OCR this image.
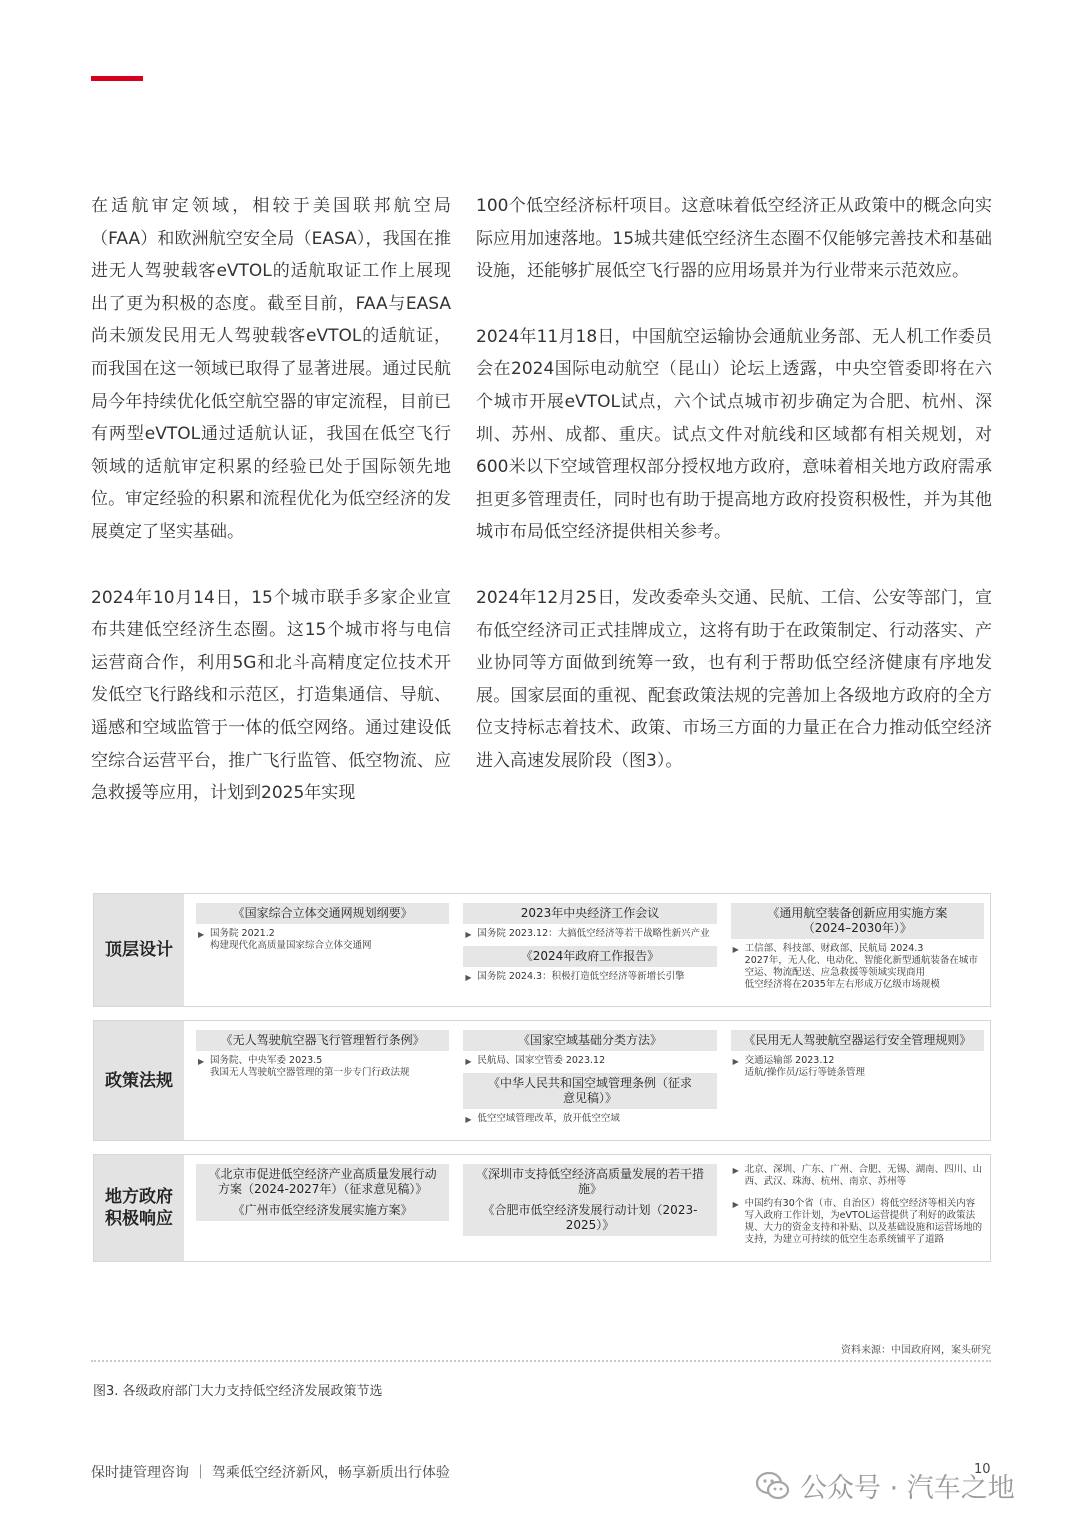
在适航审定领域，相较于美国联邦航空局（FAA）和欧洲航空安全局（EASA），我国在推进无人驾驶载客eVTOL的适航取证工作上展现出了更为积极的态度。截至目前，FAA与EASA尚未颁发民用无人驾驶载客eVTOL的适航证，而我国在这一领域已取得了显著进展。通过民航局今年持续优化低空航空器的审定流程，目前已有两型eVTOL通过适航认证，我国在低空飞行领域的适航审定积累的经验已处于国际领先地位。审定经验的积累和流程优化为低空经济的发展奠定了坚实基础。

2024年10月14日，15个城市联手多家企业宣布共建低空经济生态圈。这15个城市将与电信运营商合作，利用5G和北斗高精度定位技术开发低空飞行路线和示范区，打造集通信、导航、遥感和空域监管于一体的低空网络。通过建设低空综合运营平台，推广飞行监管、低空物流、应急救援等应用，计划到2025年实现

100个低空经济标杆项目。这意味着低空经济正从政策中的概念向实际应用加速落地。15城共建低空经济生态圈不仅能够完善技术和基础设施，还能够扩展低空飞行器的应用场景并为行业带来示范效应。

2024年11月18日，中国航空运输协会通航业务部、无人机工作委员会在2024国际电动航空（昆山）论坛上透露，中央空管委即将在六个城市开展eVTOL试点，六个试点城市初步确定为合肥、杭州、深圳、苏州、成都、重庆。试点文件对航线和区域都有相关规划，对600米以下空域管理权部分授权地方政府，意味着相关地方政府需承担更多管理责任，同时也有助于提高地方政府投资积极性，并为其他城市布局低空经济提供相关参考。

2024年12月25日，发改委牵头交通、民航、工信、公安等部门，宣布低空经济司正式挂牌成立，这将有助于在政策制定、行动落实、产业协同等方面做到统筹一致，也有利于帮助低空经济健康有序地发展。国家层面的重视、配套政策法规的完善加上各级地方政府的全方位支持标志着技术、政策、市场三方面的力量正在合力推动低空经济进入高速发展阶段（图3）。

顶层设计
《国家综合立体交通网规划纲要》
▶ 国务院 2021.2
构建现代化高质量国家综合立体交通网
2023年中央经济工作会议
▶ 国务院 2023.12：大搞低空经济等若干战略性新兴产业
《2024年政府工作报告》
▶ 国务院 2024.3：积极打造低空经济等新增长引擎
《通用航空装备创新应用实施方案
（2024–2030年）》
▶ 工信部、科技部、财政部、民航局 2024.3
2027年，无人化、电动化、智能化新型通航装备在城市空运、物流配送、应急救援等领域实现商用
低空经济将在2035年左右形成万亿级市场规模
政策法规
《无人驾驶航空器飞行管理暂行条例》
▶ 国务院、中央军委 2023.5
我国无人驾驶航空器管理的第一步专门行政法规
《国家空域基础分类方法》
▶ 民航局、国家空管委 2023.12
《中华人民共和国空域管理条例（征求
意见稿）》
▶ 低空空域管理改革，放开低空空域
《民用无人驾驶航空器运行安全管理规则》
▶ 交通运输部 2023.12
适航/操作员/运行等链条管理
地方政府
积极响应
《北京市促进低空经济产业高质量发展行动方案（2024-2027年）（征求意见稿）》
《广州市低空经济发展实施方案》
《深圳市支持低空经济高质量发展的若干措施》
《合肥市低空经济发展行动计划（2023-2025）》
▶ 北京、深圳、广东、广州、合肥、无锡、湖南、四川、山西、武汉、珠海、杭州、南京、苏州等
▶ 中国约有30个省（市、自治区）将低空经济等相关内容写入政府工作计划，为eVTOL运营提供了利好的政策法规、大力的资金支持和补贴、以及基础设施和运营场地的支持，为建立可持续的低空生态系统铺平了道路
资料来源：中国政府网，案头研究
图3. 各级政府部门大力支持低空经济发展政策节选
保时捷管理咨询 ｜ 驾乘低空经济新风，畅享新质出行体验	10
公众号 · 汽车之地
